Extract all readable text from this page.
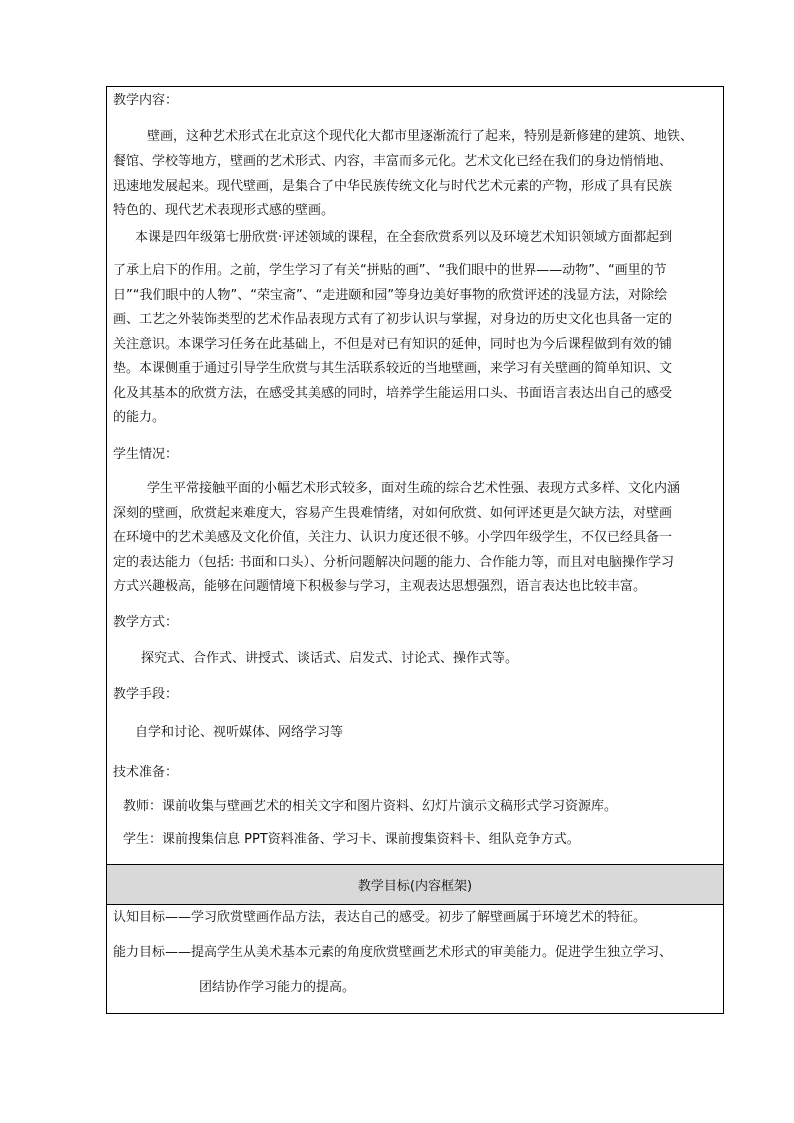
教学内容：
壁画，这种艺术形式在北京这个现代化大都市里逐渐流行了起来，特别是新修建的建筑、地铁、
餐馆、学校等地方，壁画的艺术形式、内容，丰富而多元化。艺术文化已经在我们的身边悄悄地、
迅速地发展起来。现代壁画，是集合了中华民族传统文化与时代艺术元素的产物，形成了具有民族
特色的、现代艺术表现形式感的壁画。
本课是四年级第七册欣赏·评述领域的课程，在全套欣赏系列以及环境艺术知识领域方面都起到
了承上启下的作用。之前，学生学习了有关“拼贴的画”、“我们眼中的世界——动物”、“画里的节
日”“我们眼中的人物”、“荣宝斋”、“走进颐和园”等身边美好事物的欣赏评述的浅显方法，对除绘
画、工艺之外装饰类型的艺术作品表现方式有了初步认识与掌握，对身边的历史文化也具备一定的
关注意识。本课学习任务在此基础上，不但是对已有知识的延伸，同时也为今后课程做到有效的铺
垫。本课侧重于通过引导学生欣赏与其生活联系较近的当地壁画，来学习有关壁画的简单知识、文
化及其基本的欣赏方法，在感受其美感的同时，培养学生能运用口头、书面语言表达出自己的感受
的能力。
学生情况：
学生平常接触平面的小幅艺术形式较多，面对生疏的综合艺术性强、表现方式多样、文化内涵
深刻的壁画，欣赏起来难度大，容易产生畏难情绪，对如何欣赏、如何评述更是欠缺方法，对壁画
在环境中的艺术美感及文化价值，关注力、认识力度还很不够。小学四年级学生，不仅已经具备一
定的表达能力（包括: 书面和口头）、分析问题解决问题的能力、合作能力等，而且对电脑操作学习
方式兴趣极高，能够在问题情境下积极参与学习，主观表达思想强烈，语言表达也比较丰富。
教学方式：
探究式、合作式、讲授式、谈话式、启发式、讨论式、操作式等。
教学手段：
自学和讨论、视听媒体、网络学习等
技术准备：
教师：课前收集与壁画艺术的相关文字和图片资料、幻灯片演示文稿形式学习资源库。
学生：课前搜集信息 PPT资料准备、学习卡、课前搜集资料卡、组队竞争方式。
教学目标(内容框架)
认知目标——学习欣赏壁画作品方法，表达自己的感受。初步了解壁画属于环境艺术的特征。
能力目标——提高学生从美术基本元素的角度欣赏壁画艺术形式的审美能力。促进学生独立学习、
团结协作学习能力的提高。
